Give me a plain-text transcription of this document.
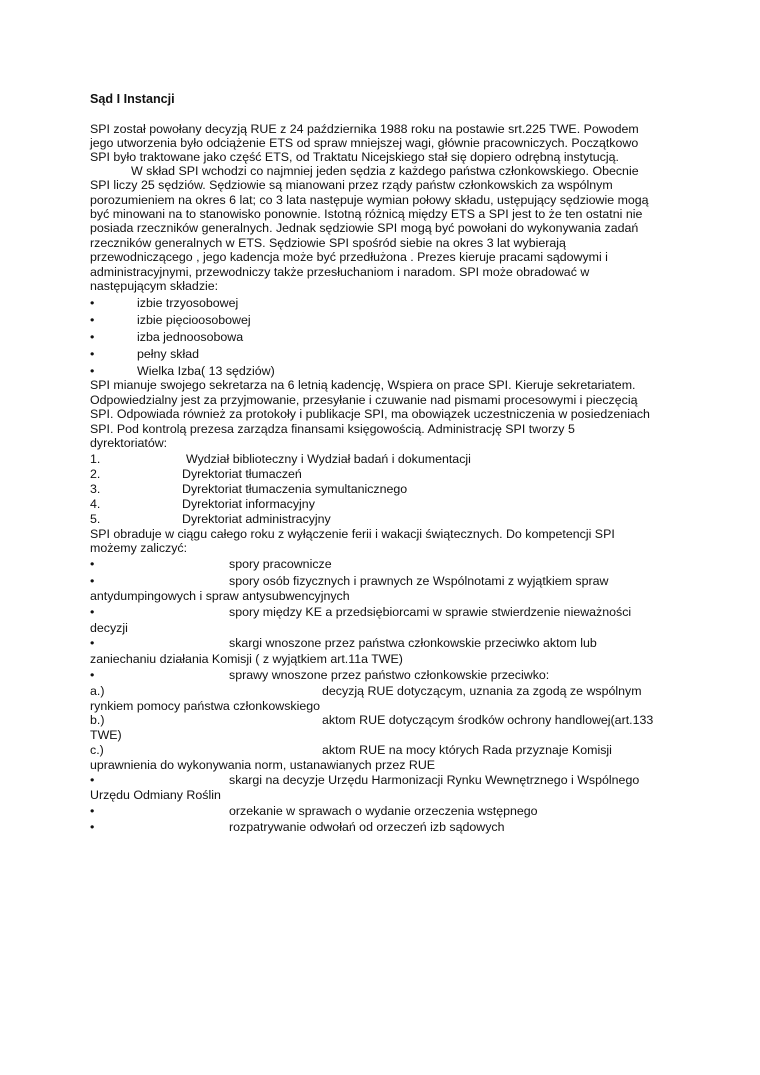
Sąd I Instancji
SPI został powołany decyzją RUE z 24 października 1988 roku na postawie srt.225 TWE. Powodem
jego utworzenia było odciążenie ETS od spraw mniejszej wagi, głównie pracowniczych. Początkowo
SPI było traktowane jako część ETS, od Traktatu Nicejskiego stał się dopiero odrębną instytucją.
W skład SPI wchodzi co najmniej jeden sędzia z każdego państwa członkowskiego. Obecnie
SPI liczy 25 sędziów. Sędziowie są mianowani przez rządy państw członkowskich za wspólnym
porozumieniem na okres 6 lat; co 3 lata następuje wymian połowy składu, ustępujący sędziowie mogą
być minowani na to stanowisko ponownie. Istotną różnicą między ETS a SPI jest to że ten ostatni nie
posiada rzeczników generalnych. Jednak sędziowie SPI mogą być powołani do wykonywania zadań
rzeczników generalnych w ETS. Sędziowie SPI spośród siebie na okres 3 lat wybierają
przewodniczącego , jego kadencja może być przedłużona . Prezes kieruje pracami sądowymi i
administracyjnymi, przewodniczy także przesłuchaniom i naradom. SPI może obradować w
następującym składzie:
•	izbie trzyosobowej
•	izbie pięcioosobowej
•	izba jednoosobowa
•	pełny skład
•	Wielka Izba( 13 sędziów)
SPI mianuje swojego sekretarza na 6 letnią kadencję, Wspiera on prace SPI. Kieruje sekretariatem.
Odpowiedzialny jest za przyjmowanie, przesyłanie i czuwanie nad pismami procesowymi i pieczęcią
SPI. Odpowiada również za protokoły i publikacje SPI, ma obowiązek uczestniczenia w posiedzeniach
SPI. Pod kontrolą prezesa zarządza finansami księgowością. Administrację SPI tworzy 5
dyrektoriatów:
1.	Wydział biblioteczny i Wydział badań i dokumentacji
2.	Dyrektoriat tłumaczeń
3.	Dyrektoriat tłumaczenia symultanicznego
4.	Dyrektoriat informacyjny
5.	Dyrektoriat administracyjny
SPI obraduje w ciągu całego roku z wyłączenie ferii i wakacji świątecznych. Do kompetencji SPI
możemy zaliczyć:
•	spory pracownicze
•	spory osób fizycznych i prawnych ze Wspólnotami z wyjątkiem spraw
antydumpingowych i spraw antysubwencyjnych
•	spory między KE a przedsiębiorcami w sprawie stwierdzenie nieważności
decyzji
•	skargi wnoszone przez państwa członkowskie przeciwko aktom lub
zaniechaniu działania Komisji ( z wyjątkiem art.11a TWE)
•	sprawy wnoszone przez państwo członkowskie przeciwko:
a.)	decyzją RUE dotyczącym, uznania za zgodą ze wspólnym
rynkiem pomocy państwa członkowskiego
b.)	aktom RUE dotyczącym środków ochrony handlowej(art.133
TWE)
c.)	aktom RUE na mocy których Rada przyznaje Komisji
uprawnienia do wykonywania norm, ustanawianych przez RUE
•	skargi na decyzje Urzędu Harmonizacji Rynku Wewnętrznego i Wspólnego
Urzędu Odmiany Roślin
•	orzekanie w sprawach o wydanie orzeczenia wstępnego
•	rozpatrywanie odwołań od orzeczeń izb sądowych
